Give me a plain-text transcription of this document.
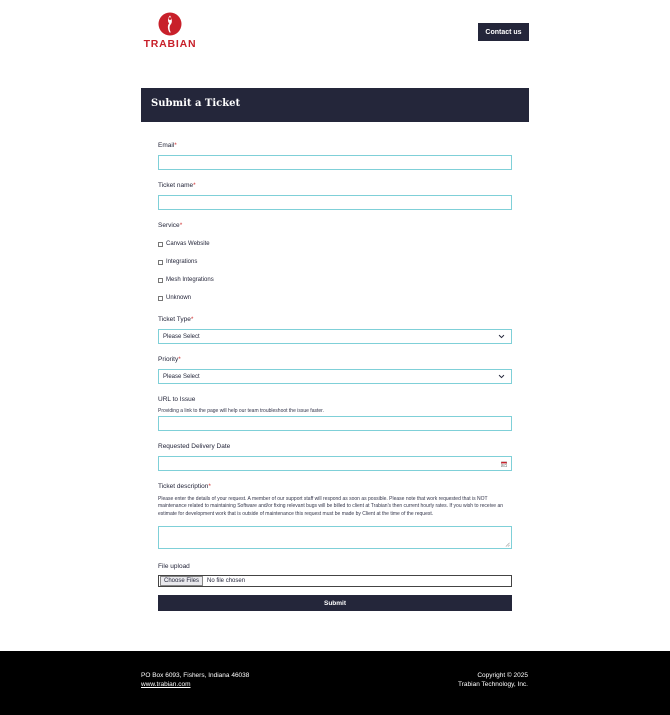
TRABIAN
Contact us
Submit a Ticket
Email*
Ticket name*
Service*
Canvas Website
Integrations
Mesh Integrations
Unknown
Ticket Type*
Please Select
Priority*
Please Select
URL to Issue
Providing a link to the page will help our team troubleshoot the issue faster.
Requested Delivery Date
Ticket description*
Please enter the details of your request. A member of our support staff will respond as soon as possible. Please note that work requested that is NOT maintenance related to maintaining Software and/or fixing relevant bugs will be billed to client at Trabian's then current hourly rates. If you wish to receive an estimate for development work that is outside of maintenance this request must be made by Client at the time of the request.
File upload
Choose Files	No file chosen
Submit
PO Box 6093, Fishers, Indiana 46038
www.trabian.com
Copyright © 2025
Trabian Technology, Inc.
